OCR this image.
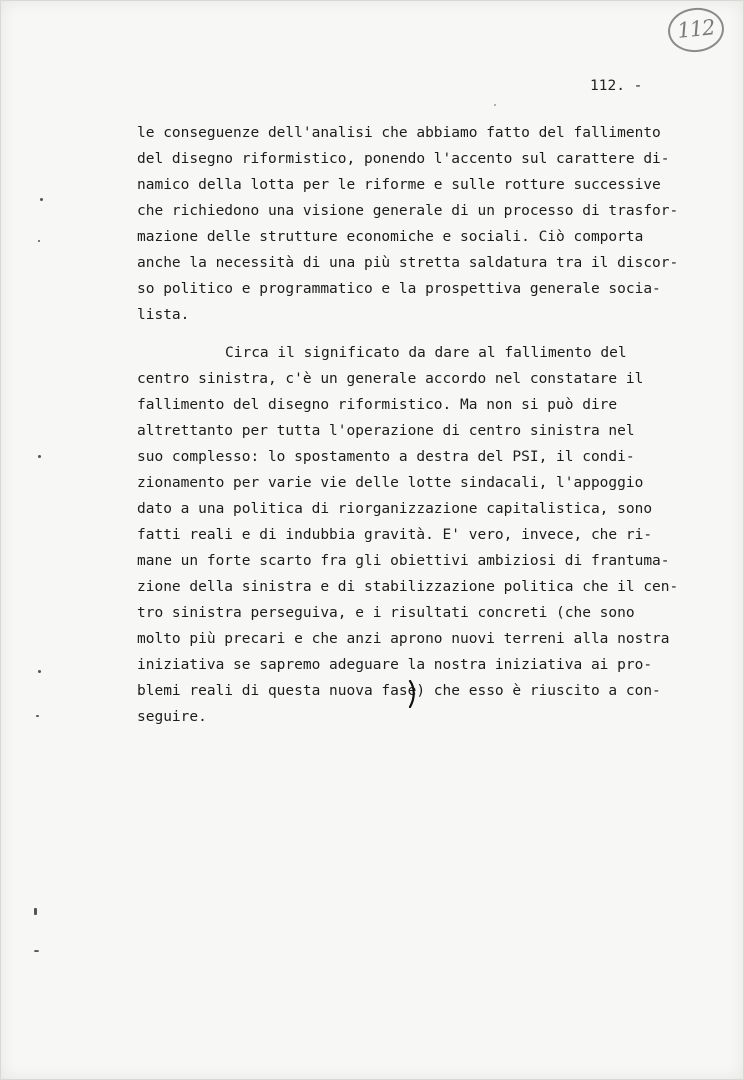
112
112. -
le conseguenze dell'analisi che abbiamo fatto del fallimento
del disegno riformistico, ponendo l'accento sul carattere di-
namico della lotta per le riforme e sulle rotture successive
che richiedono una visione generale di un processo di trasfor-
mazione delle strutture economiche e sociali. Ciò comporta
anche la necessità di una più stretta saldatura tra il discor-
so politico e programmatico e la prospettiva generale socia-
lista.
Circa il significato da dare al fallimento del
centro sinistra, c'è un generale accordo nel constatare il
fallimento del disegno riformistico. Ma non si può dire
altrettanto per tutta l'operazione di centro sinistra nel
suo complesso: lo spostamento a destra del PSI, il condi-
zionamento per varie vie delle lotte sindacali, l'appoggio
dato a una politica di riorganizzazione capitalistica, sono
fatti reali e di indubbia gravità. E' vero, invece, che ri-
mane un forte scarto fra gli obiettivi ambiziosi di frantuma-
zione della sinistra e di stabilizzazione politica che il cen-
tro sinistra perseguiva, e i risultati concreti (che sono
molto più precari e che anzi aprono nuovi terreni alla nostra
iniziativa se sapremo adeguare la nostra iniziativa ai pro-
blemi reali di questa nuova fase) che esso è riuscito a con-
seguire.
